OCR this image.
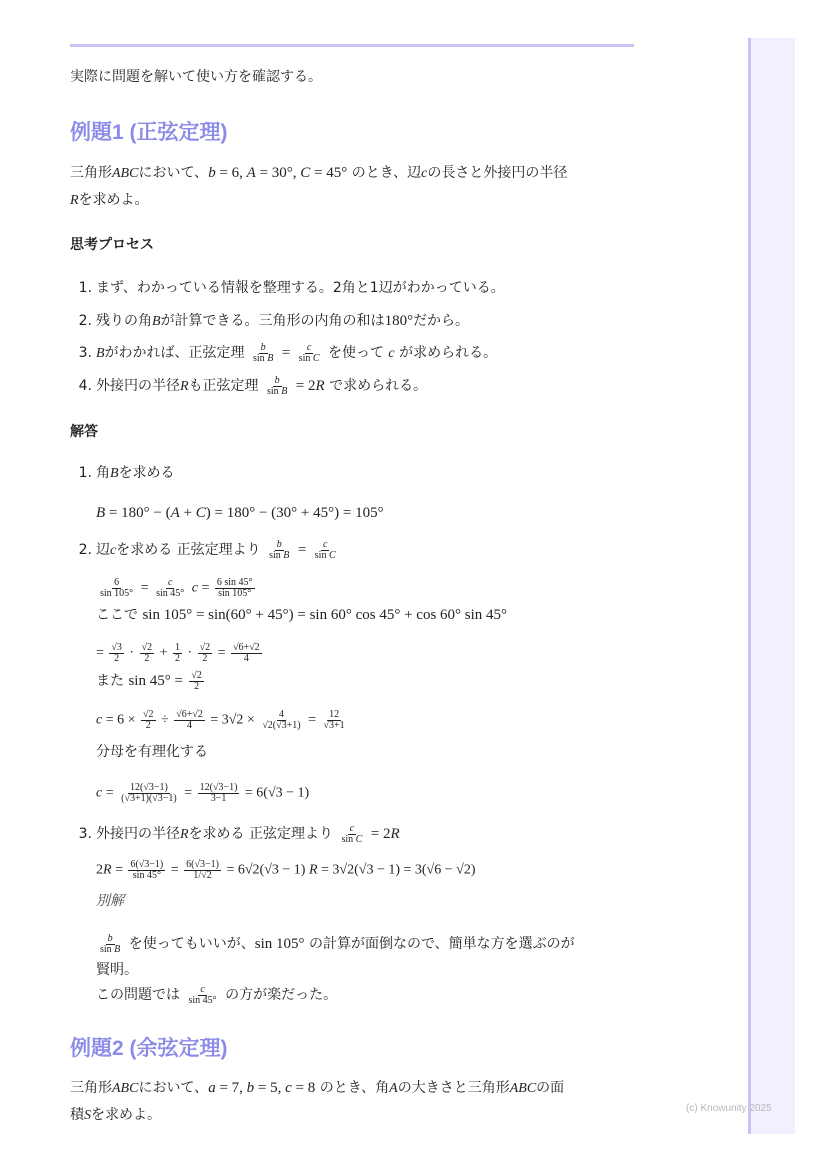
(c) Knowunity 2025
実際に問題を解いて使い方を確認する。
例題1 (正弦定理)
三角形ABCにおいて、b = 6, A = 30°, C = 45° のとき、辺cの長さと外接円の半径
Rを求めよ。
思考プロセス
1. まず、わかっている情報を整理する。2角と1辺がわかっている。
2. 残りの角Bが計算できる。三角形の内角の和は180°だから。
3. Bがわかれば、正弦定理 $\frac{b}{\text{sin B}} = \frac{c}{\text{sin C}}$ を使って c が求められる。
4. 外接円の半径Rも正弦定理 $\frac{b}{\text{sin B}} = 2R$ で求められる。
解答
1. 角Bを求める
B = 180° − (A + C) = 180° − (30° + 45°) = 105°
2. 辺cを求める 正弦定理より $\frac{b}{\text{sin B}} = \frac{c}{\text{sin C}}$
$\frac{6}{\sin 105^\circ} = \frac{c}{\sin 45^\circ}$ $c = \frac{6 \sin 45^\circ}{\sin 105^\circ}$
ここで sin 105° = sin(60° + 45°) = sin 60° cos 45° + cos 60° sin 45°
= $\frac{√3}{2} \cdot \frac{√2}{2} + \frac{1}{2} \cdot \frac{√2}{2} = \frac{√6+√2}{4}$
また $\sin 45^\circ = \frac{√2}{2}$
$c = 6 \times \frac{√2}{2} \div \frac{√6+√2}{4} = 3√2 \times \frac{4}{√2(√3+1)} = \frac{12}{√3+1}$
分母を有理化する
$c = \frac{12(√3-1)}{(√3+1)(√3-1)} = \frac{12(√3-1)}{3-1} = 6(√3 - 1)$
3. 外接円の半径Rを求める 正弦定理より $\frac{c}{\text{sin C}} = 2R$
$2R = \frac{6(√3-1)}{\sin 45^\circ} = \frac{6(√3-1)}{1/√2} = 6√2(√3 - 1) R = 3√2(√3 - 1) = 3(√6 - √2)$
別解
$\frac{b}{\text{sin B}}$ を使ってもいいが、sin 105° の計算が面倒なので、簡単な方を選ぶのが
賢明。
この問題では $\frac{c}{\sin 45^\circ}$ の方が楽だった。
例題2 (余弦定理)
三角形ABCにおいて、a = 7, b = 5, c = 8 のとき、角Aの大きさと三角形ABCの面
積Sを求めよ。
